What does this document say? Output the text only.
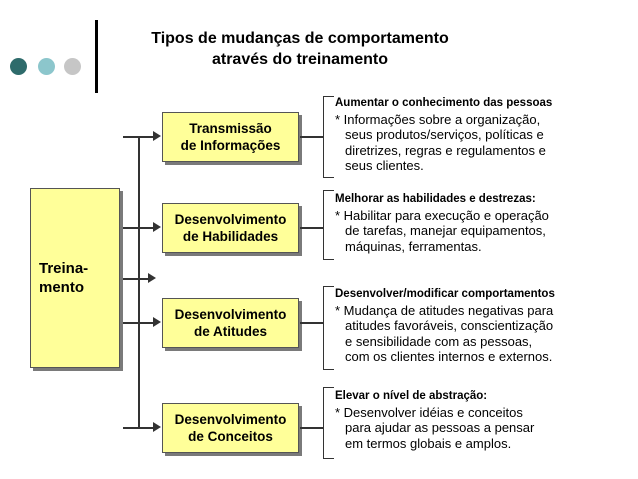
Tipos de mudanças de comportamento através do treinamento
Treina-
mento
Transmissão
de Informações
Desenvolvimento
de Habilidades
Desenvolvimento
de Atitudes
Desenvolvimento
de Conceitos
Aumentar o conhecimento das pessoas
* Informações sobre a organização,
seus produtos/serviços, políticas e
diretrizes, regras e regulamentos e
seus clientes.
Melhorar as habilidades e destrezas:
* Habilitar para execução e operação
de tarefas, manejar equipamentos,
máquinas, ferramentas.
Desenvolver/modificar comportamentos
* Mudança de atitudes negativas para
atitudes favoráveis, conscientização
e sensibilidade com as pessoas,
com os clientes internos e externos.
Elevar o nível de abstração:
* Desenvolver idéias e conceitos
para ajudar as pessoas a pensar
em termos globais e amplos.
